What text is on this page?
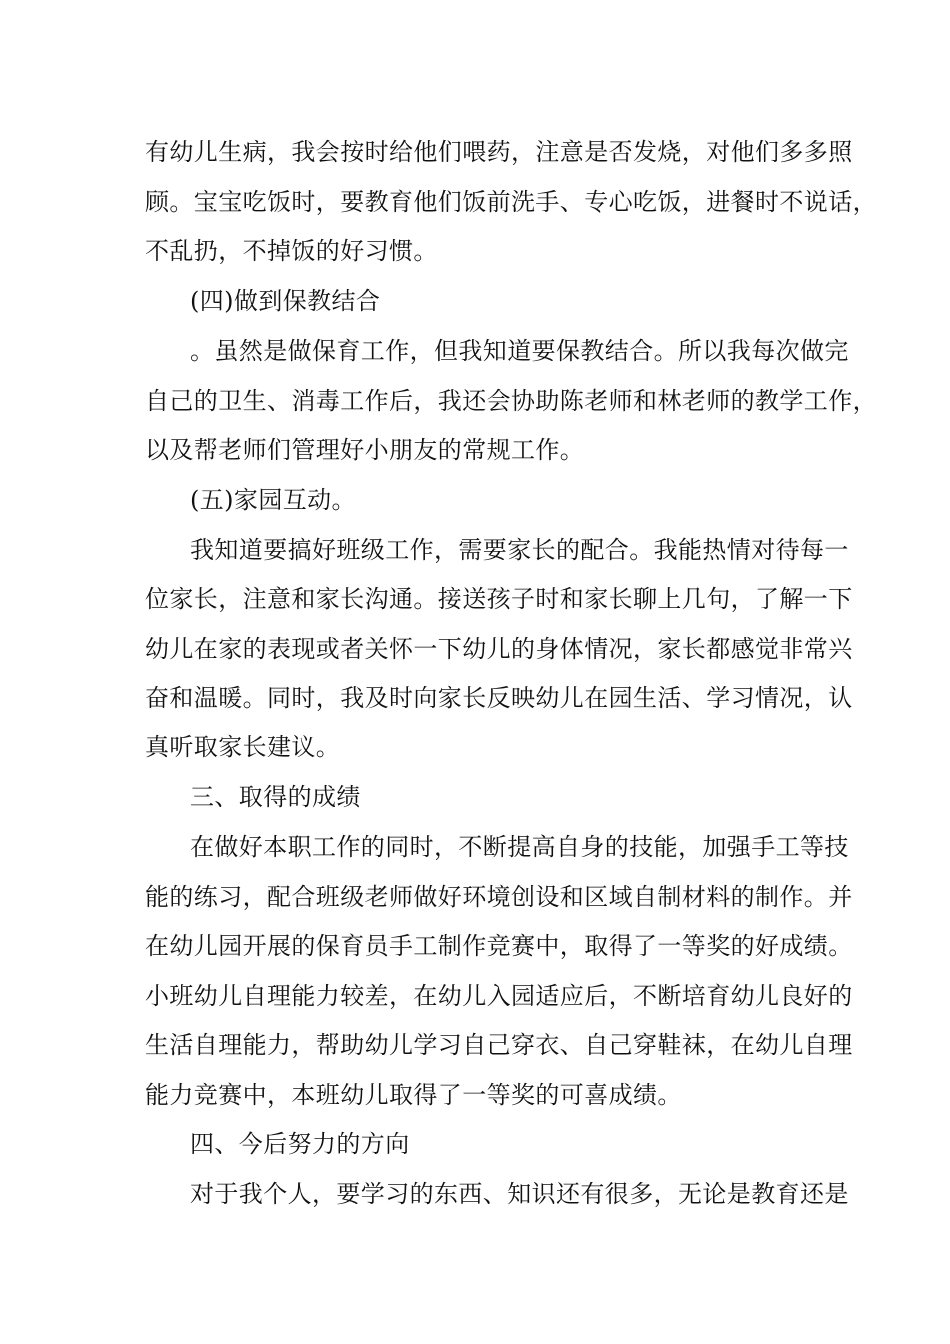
有幼儿生病，我会按时给他们喂药，注意是否发烧，对他们多多照
顾。宝宝吃饭时，要教育他们饭前洗手、专心吃饭，进餐时不说话，
不乱扔，不掉饭的好习惯。
(四)做到保教结合
。虽然是做保育工作，但我知道要保教结合。所以我每次做完
自己的卫生、消毒工作后，我还会协助陈老师和林老师的教学工作，
以及帮老师们管理好小朋友的常规工作。
(五)家园互动。
我知道要搞好班级工作，需要家长的配合。我能热情对待每一
位家长，注意和家长沟通。接送孩子时和家长聊上几句，了解一下
幼儿在家的表现或者关怀一下幼儿的身体情况，家长都感觉非常兴
奋和温暖。同时，我及时向家长反映幼儿在园生活、学习情况，认
真听取家长建议。
三、取得的成绩
在做好本职工作的同时，不断提高自身的技能，加强手工等技
能的练习，配合班级老师做好环境创设和区域自制材料的制作。并
在幼儿园开展的保育员手工制作竞赛中，取得了一等奖的好成绩。
小班幼儿自理能力较差，在幼儿入园适应后，不断培育幼儿良好的
生活自理能力，帮助幼儿学习自己穿衣、自己穿鞋袜，在幼儿自理
能力竞赛中，本班幼儿取得了一等奖的可喜成绩。
四、今后努力的方向
对于我个人，要学习的东西、知识还有很多，无论是教育还是
